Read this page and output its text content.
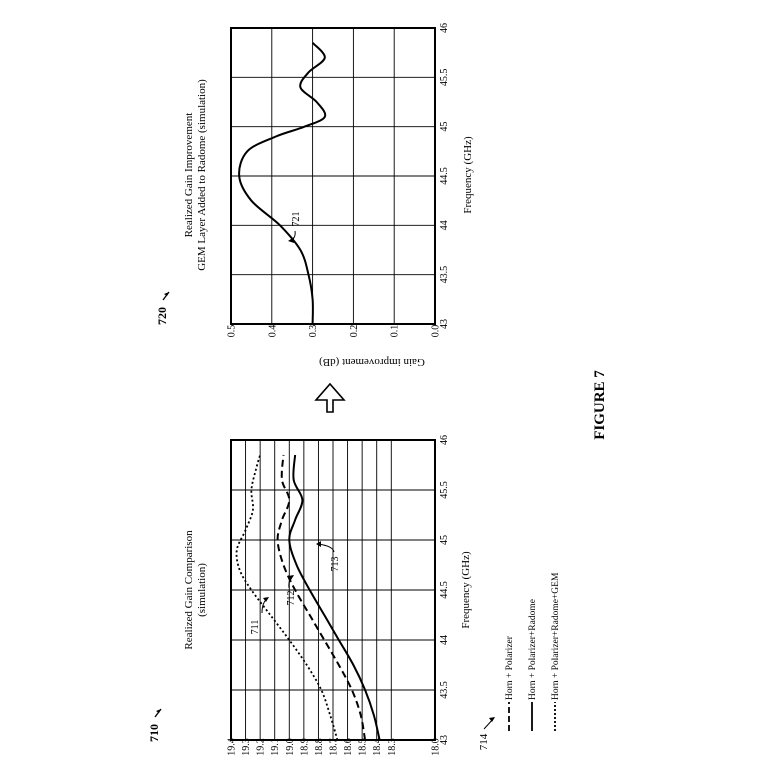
43
43.5
44
44.5
45
45.5
46
18.0
18.3
18.4
18.5
18.6
18.7
18.8
18.9
19.0
19.1
19.2
19.3
19.4
Frequency (GHz)
Realized Gain Comparison (simulation)
710
711
712
713
714
Horn + Polarizer Horn + Polarizer+Radome Horn + Polarizer+Radome+GEM
43
43.5
44
44.5
45
45.5
46
0.0
0.1
0.2
0.3
0.4
0.5
Frequency (GHz)
Gain improvement (dB)
Realized Gain Improvement GEM Layer Added to Radome (simulation)
720
721
FIGURE 7
